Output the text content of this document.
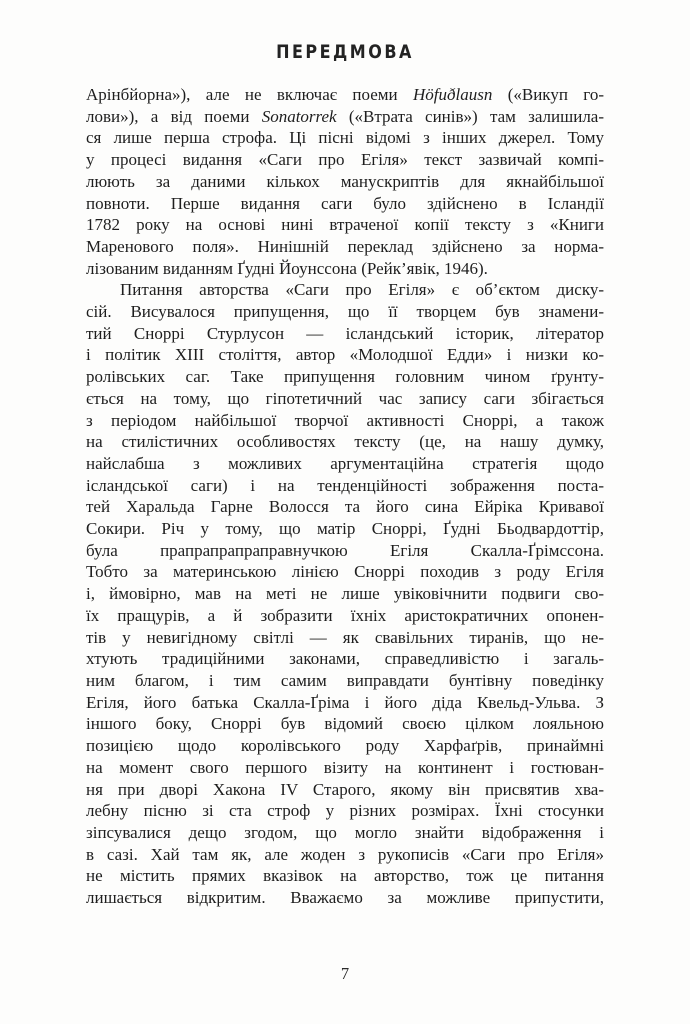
ПЕРЕДМОВА
Арінбйорна»), але не включає поеми Höfuðlausn («Викуп го-
лови»), а від поеми Sonatorrek («Втрата синів») там залишила-
ся лише перша строфа. Ці пісні відомі з інших джерел. Тому
у процесі видання «Саги про Егіля» текст зазвичай компі-
люють за даними кількох манускриптів для якнайбільшої
повноти. Перше видання саги було здійснено в Ісландії
1782 року на основі нині втраченої копії тексту з «Книги
Маренового поля». Нинішній переклад здійснено за норма-
лізованим виданням Ґудні Йоунссона (Рейк’явік, 1946).
Питання авторства «Саги про Егіля» є об’єктом диску-
сій. Висувалося припущення, що її творцем був знамени-
тий Сноррі Стурлусон — ісландський історик, літератор
і політик XIII століття, автор «Молодшої Едди» і низки ко-
ролівських саг. Таке припущення головним чином ґрунту-
ється на тому, що гіпотетичний час запису саги збігається
з періодом найбільшої творчої активності Сноррі, а також
на стилістичних особливостях тексту (це, на нашу думку,
найслабша з можливих аргументаційна стратегія щодо
ісландської саги) і на тенденційності зображення поста-
тей Харальда Гарне Волосся та його сина Ейріка Кривавої
Сокири. Річ у тому, що матір Сноррі, Ґудні Бьодвардоттір,
була прапрапрапраправнучкою Егіля Скалла-Ґрімссона.
Тобто за материнською лінією Сноррі походив з роду Егіля
і, ймовірно, мав на меті не лише увіковічнити подвиги сво-
їх пращурів, а й зобразити їхніх аристократичних опонен-
тів у невигідному світлі — як свавільних тиранів, що не-
хтують традиційними законами, справедливістю і загаль-
ним благом, і тим самим виправдати бунтівну поведінку
Егіля, його батька Скалла-Ґріма і його діда Квельд-Ульва. З
іншого боку, Сноррі був відомий своєю цілком лояльною
позицією щодо королівського роду Харфаґрів, принаймні
на момент свого першого візиту на континент і гостюван-
ня при дворі Хакона IV Старого, якому він присвятив хва-
лебну пісню зі ста строф у різних розмірах. Їхні стосунки
зіпсувалися дещо згодом, що могло знайти відображення і
в сазі. Хай там як, але жоден з рукописів «Саги про Егіля»
не містить прямих вказівок на авторство, тож це питання
лишається відкритим. Вважаємо за можливе припустити,
7
